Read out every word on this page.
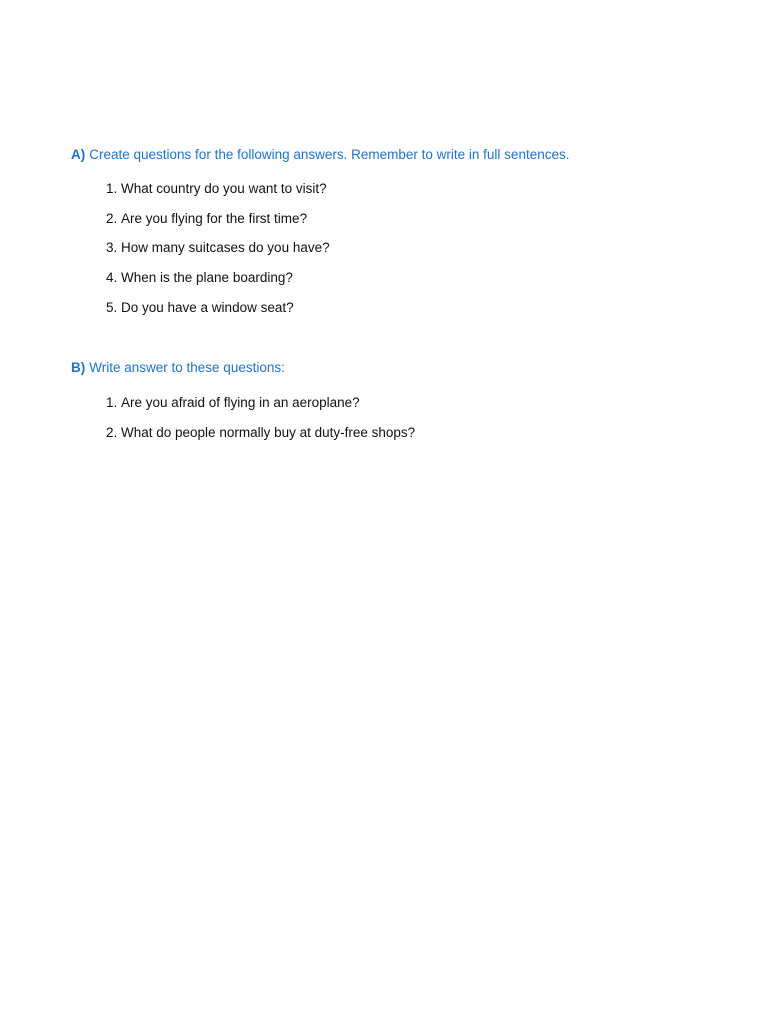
A) Create questions for the following answers. Remember to write in full sentences.

1. What country do you want to visit?
2. Are you flying for the first time?
3. How many suitcases do you have?
4. When is the plane boarding?
5. Do you have a window seat?

B) Write answer to these questions:

1. Are you afraid of flying in an aeroplane?
2. What do people normally buy at duty-free shops?
